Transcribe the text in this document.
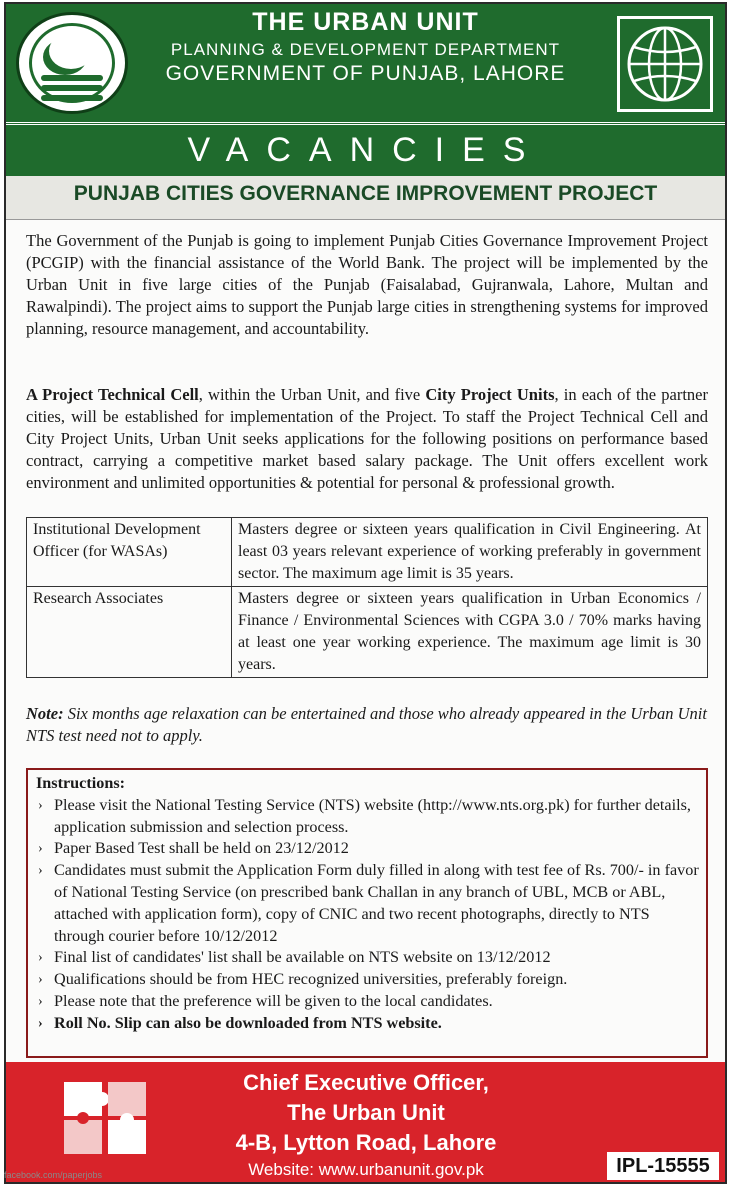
THE URBAN UNIT
PLANNING & DEVELOPMENT DEPARTMENT
GOVERNMENT OF PUNJAB, LAHORE
VACANCIES
PUNJAB CITIES GOVERNANCE IMPROVEMENT PROJECT

The Government of the Punjab is going to implement Punjab Cities Governance Improvement Project (PCGIP) with the financial assistance of the World Bank. The project will be implemented by the Urban Unit in five large cities of the Punjab (Faisalabad, Gujranwala, Lahore, Multan and Rawalpindi). The project aims to support the Punjab large cities in strengthening systems for improved planning, resource management, and accountability.

A Project Technical Cell, within the Urban Unit, and five City Project Units, in each of the partner cities, will be established for implementation of the Project. To staff the Project Technical Cell and City Project Units, Urban Unit seeks applications for the following positions on performance based contract, carrying a competitive market based salary package. The Unit offers excellent work environment and unlimited opportunities & potential for personal & professional growth.

Institutional Development Officer (for WASAs)	Masters degree or sixteen years qualification in Civil Engineering. At least 03 years relevant experience of working preferably in government sector. The maximum age limit is 35 years.
Research Associates	Masters degree or sixteen years qualification in Urban Economics / Finance / Environmental Sciences with CGPA 3.0 / 70% marks having at least one year working experience. The maximum age limit is 30 years.

Note: Six months age relaxation can be entertained and those who already appeared in the Urban Unit NTS test need not to apply.

Instructions:
› Please visit the National Testing Service (NTS) website (http://www.nts.org.pk) for further details, application submission and selection process.
› Paper Based Test shall be held on 23/12/2012
› Candidates must submit the Application Form duly filled in along with test fee of Rs. 700/- in favor of National Testing Service (on prescribed bank Challan in any branch of UBL, MCB or ABL, attached with application form), copy of CNIC and two recent photographs, directly to NTS through courier before 10/12/2012
› Final list of candidates' list shall be available on NTS website on 13/12/2012
› Qualifications should be from HEC recognized universities, preferably foreign.
› Please note that the preference will be given to the local candidates.
› Roll No. Slip can also be downloaded from NTS website.
Chief Executive Officer,
The Urban Unit
4-B, Lytton Road, Lahore
Website: www.urbanunit.gov.pk	IPL-15555
facebook.com/paperjobs
